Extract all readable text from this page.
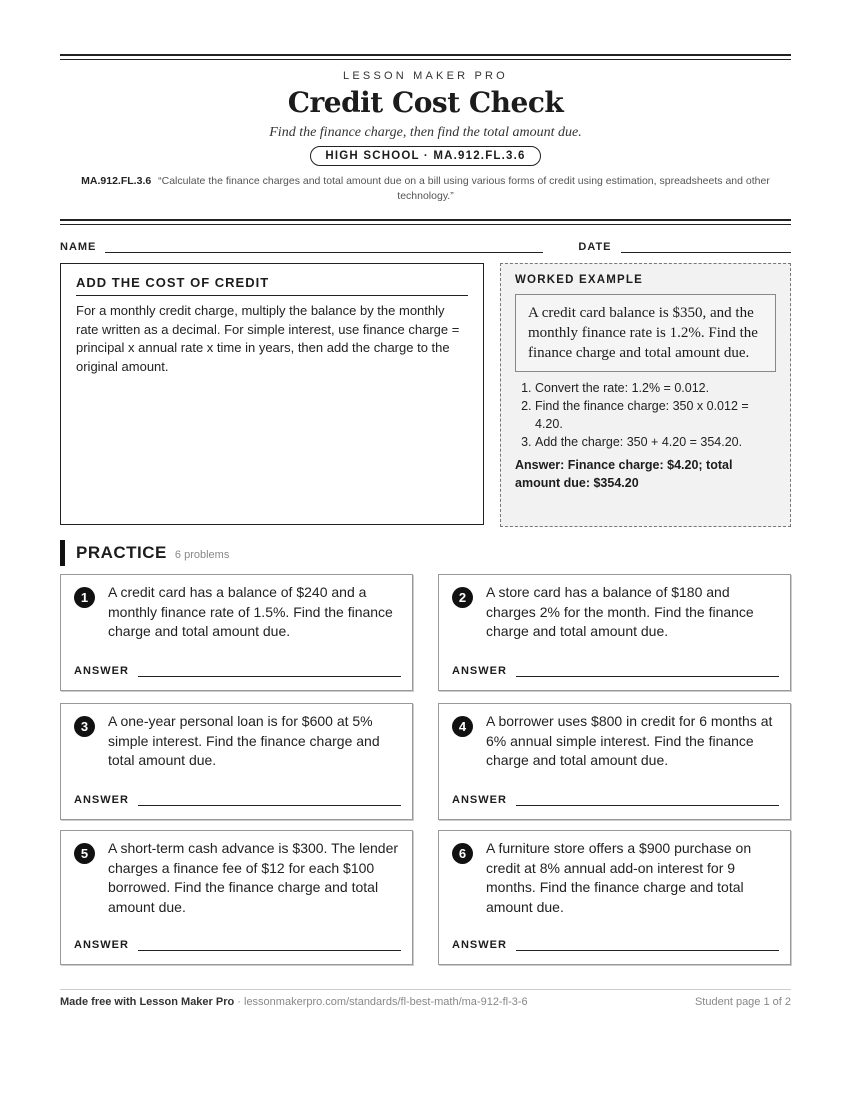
LESSON MAKER PRO
Credit Cost Check
Find the finance charge, then find the total amount due.
HIGH SCHOOL · MA.912.FL.3.6
MA.912.FL.3.6 “Calculate the finance charges and total amount due on a bill using various forms of credit using estimation, spreadsheets and other technology.”
NAME	DATE
ADD THE COST OF CREDIT
For a monthly credit charge, multiply the balance by the monthly rate written as a decimal. For simple interest, use finance charge = principal x annual rate x time in years, then add the charge to the original amount.
WORKED EXAMPLE
A credit card balance is $350, and the monthly finance rate is 1.2%. Find the finance charge and total amount due.
1. Convert the rate: 1.2% = 0.012.
2. Find the finance charge: 350 x 0.012 = 4.20.
3. Add the charge: 350 + 4.20 = 354.20.
Answer: Finance charge: $4.20; total amount due: $354.20
PRACTICE 6 problems
1	A credit card has a balance of $240 and a monthly finance rate of 1.5%. Find the finance charge and total amount due.
ANSWER
2	A store card has a balance of $180 and charges 2% for the month. Find the finance charge and total amount due.
ANSWER
3	A one-year personal loan is for $600 at 5% simple interest. Find the finance charge and total amount due.
ANSWER
4	A borrower uses $800 in credit for 6 months at 6% annual simple interest. Find the finance charge and total amount due.
ANSWER
5	A short-term cash advance is $300. The lender charges a finance fee of $12 for each $100 borrowed. Find the finance charge and total amount due.
ANSWER
6	A furniture store offers a $900 purchase on credit at 8% annual add-on interest for 9 months. Find the finance charge and total amount due.
ANSWER
Made free with Lesson Maker Pro · lessonmakerpro.com/standards/fl-best-math/ma-912-fl-3-6	Student page 1 of 2
